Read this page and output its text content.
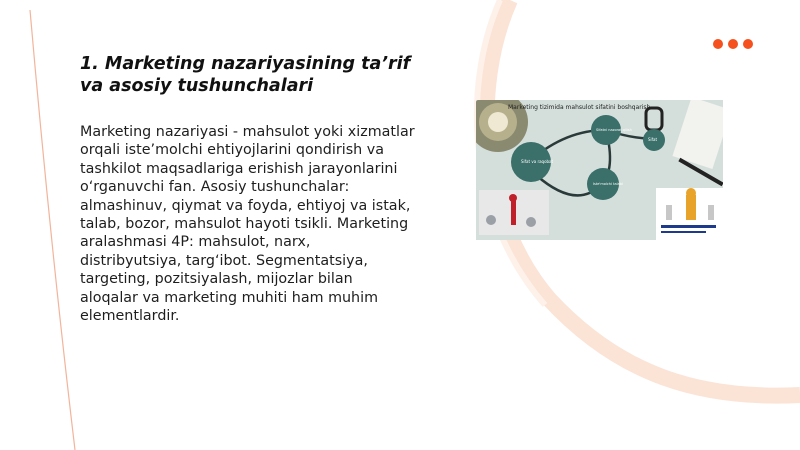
1. Marketing nazariyasining ta’rif va asosiy tushunchalari

Marketing nazariyasi - mahsulot yoki xizmatlar orqali iste’molchi ehtiyojlarini qondirish va tashkilot maqsadlariga erishish jarayonlarini o‘rganuvchi fan. Asosiy tushunchalar: almashinuv, qiymat va foyda, ehtiyoj va istak, talab, bozor, mahsulot hayoti tsikli. Marketing aralashmasi 4P: mahsulot, narx, distribyutsiya, targ‘ibot. Segmentatsiya, targeting, pozitsiyalash, mijozlar bilan aloqalar va marketing muhiti ham muhim elementlardir.

Marketing tizimida mahsulot sifatini boshqarish
Sifat va raqobat
Sifatni nazorat qilish
Sifat
Iste'molchi talabi
